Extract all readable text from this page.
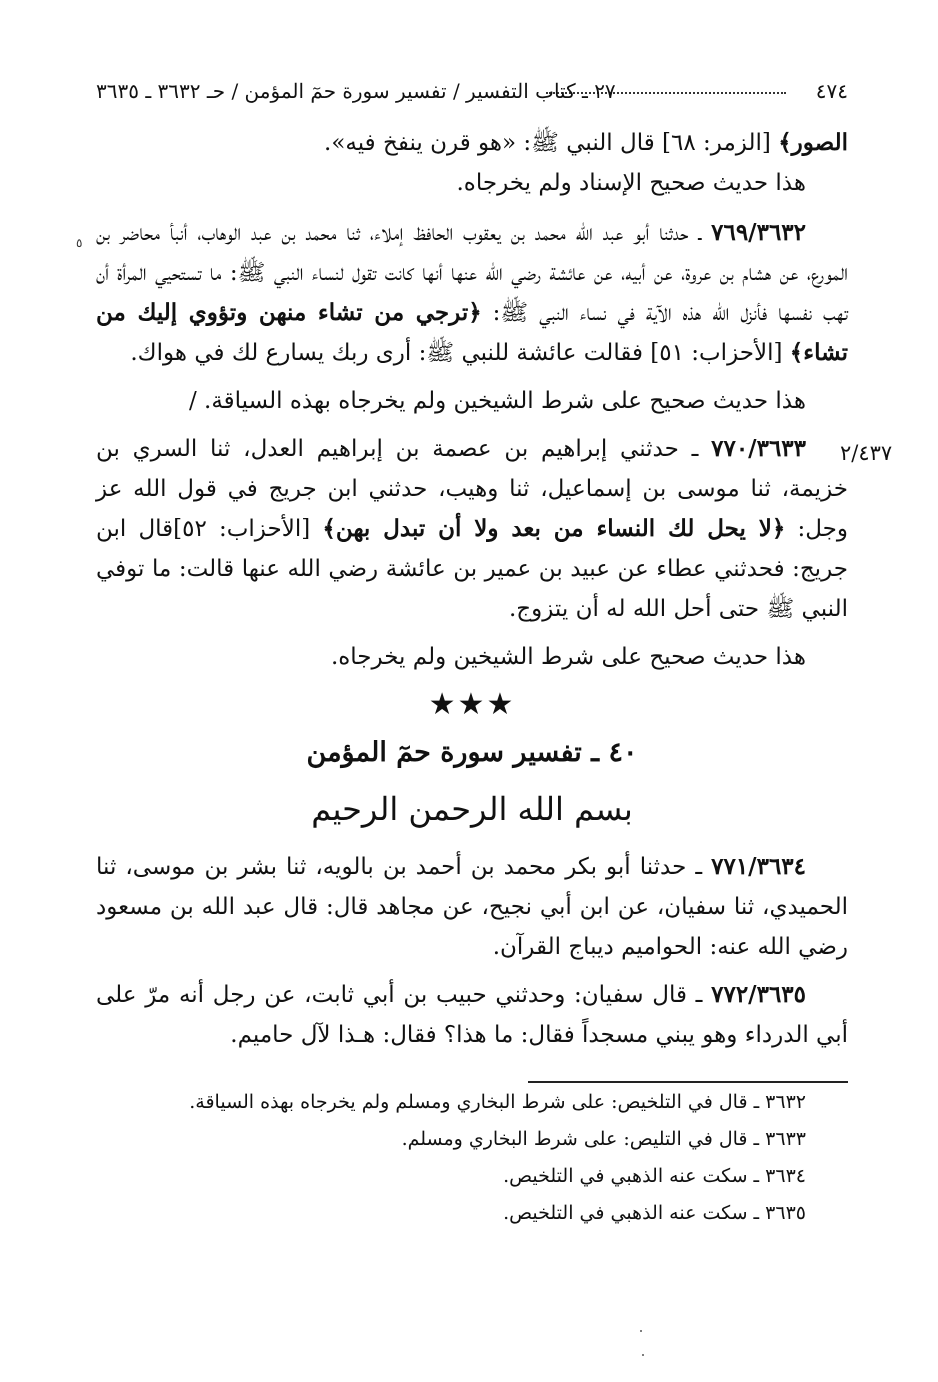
٥
٢/٤٣٧
٤٧٤
٢٧ ـ كتاب التفسير / تفسير سورة حمٓ المؤمن / حـ ٣٦٣٢ ـ ٣٦٣٥

الصور﴾ [الزمر: ٦٨] قال النبي ﷺ: «هو قرن ينفخ فيه».

هذا حديث صحيح الإسناد ولم يخرجاه.

٧٦٩/٣٦٣٢ ـ حدثنا أبو عبد الله محمد بن يعقوب الحافظ إملاء، ثنا محمد بن عبد الوهاب، أنبأ محاضر بن المورع، عن هشام بن عروة، عن أبيه، عن عائشة رضي الله عنها أنها كانت تقول لنساء النبي ﷺ: ما تستحيي المرأة أن تهب نفسها فأنزل الله هذه الآية في نساء النبي ﷺ: ﴿ترجي من تشاء منهن وتؤوي إليك من تشاء﴾ [الأحزاب: ٥١] فقالت عائشة للنبي ﷺ: أرى ربك يسارع لك في هواك.

هذا حديث صحيح على شرط الشيخين ولم يخرجاه بهذه السياقة. /

٧٧٠/٣٦٣٣ ـ حدثني إبراهيم بن عصمة بن إبراهيم العدل، ثنا السري بن خزيمة، ثنا موسى بن إسماعيل، ثنا وهيب، حدثني ابن جريج في قول الله عز وجل: ﴿لا يحل لك النساء من بعد ولا أن تبدل بهن﴾ [الأحزاب: ٥٢]قال ابن جريج: فحدثني عطاء عن عبيد بن عمير بن عائشة رضي الله عنها قالت: ما توفي النبي ﷺ حتى أحل الله له أن يتزوج.

هذا حديث صحيح على شرط الشيخين ولم يخرجاه.

★★★
٤٠ ـ تفسير سورة حمٓ المؤمن
بسم الله الرحمن الرحيم

٧٧١/٣٦٣٤ ـ حدثنا أبو بكر محمد بن أحمد بن بالويه، ثنا بشر بن موسى، ثنا الحميدي، ثنا سفيان، عن ابن أبي نجيح، عن مجاهد قال: قال عبد الله بن مسعود رضي الله عنه: الحواميم ديباج القرآن.

٧٧٢/٣٦٣٥ ـ قال سفيان: وحدثني حبيب بن أبي ثابت، عن رجل أنه مرّ على أبي الدرداء وهو يبني مسجداً فقال: ما هذا؟ فقال: هـذا لآل حاميم.

٣٦٣٢ ـ قال في التلخيص: على شرط البخاري ومسلم ولم يخرجاه بهذه السياقة.

٣٦٣٣ ـ قال في التليص: على شرط البخاري ومسلم.

٣٦٣٤ ـ سكت عنه الذهبي في التلخيص.

٣٦٣٥ ـ سكت عنه الذهبي في التلخيص.
